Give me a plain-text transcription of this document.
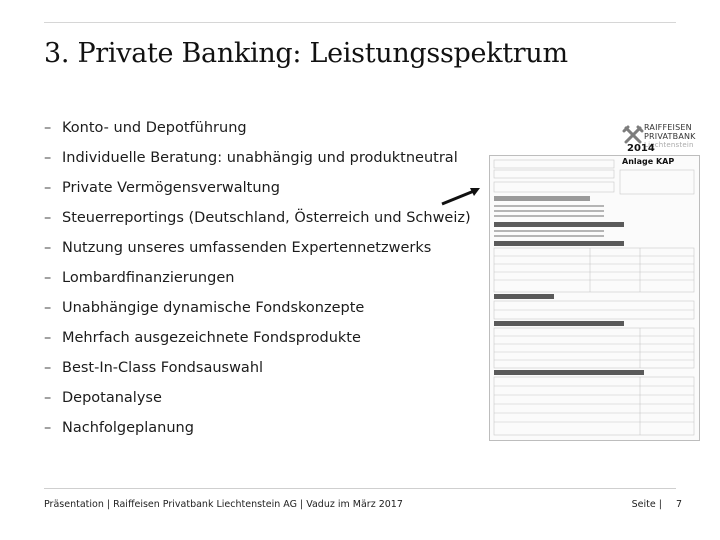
3. Private Banking: Leistungsspektrum
– Konto- und Depotführung
– Individuelle Beratung: unabhängig und produktneutral
– Private Vermögensverwaltung
– Steuerreportings (Deutschland, Österreich und Schweiz)
– Nutzung unseres umfassenden Expertennetzwerks
– Lombardfinanzierungen
– Unabhängige dynamische Fondskonzepte
– Mehrfach ausgezeichnete Fondsprodukte
– Best-In-Class Fondsauswahl
– Depotanalyse
– Nachfolgeplanung
RAIFFEISEN
PRIVATBANK
Liechtenstein
2014
Anlage KAP
Präsentation | Raiffeisen Privatbank Liechtenstein AG | Vaduz im März 2017	Seite | 7
